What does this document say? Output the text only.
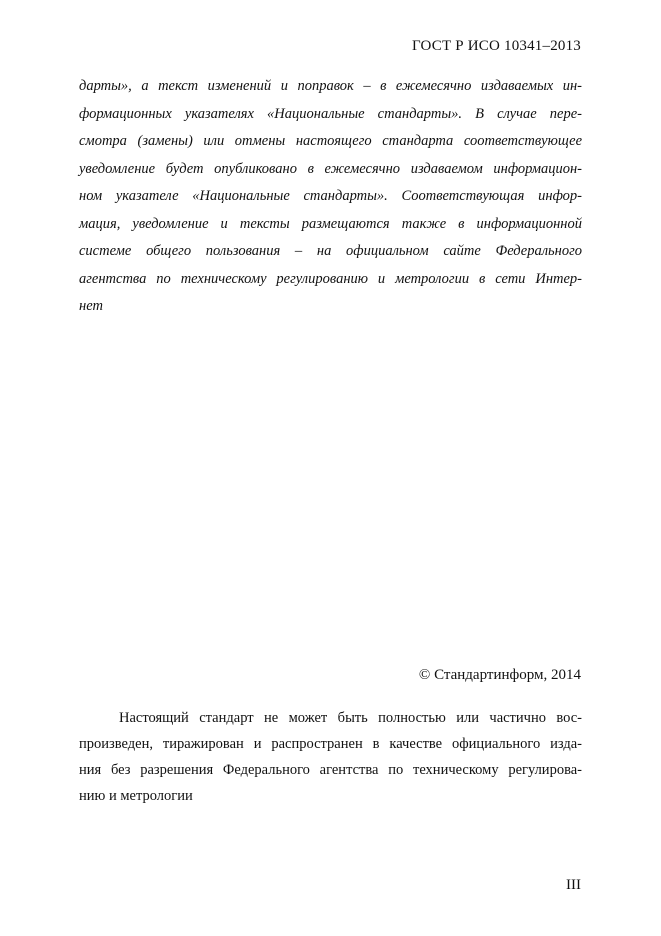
ГОСТ Р ИСО 10341–2013
дарты», а текст изменений и поправок – в ежемесячно издаваемых ин-
формационных указателях «Национальные стандарты». В случае пере-
смотра (замены) или отмены настоящего стандарта соответствующее
уведомление будет опубликовано в ежемесячно издаваемом информацион-
ном указателе «Национальные стандарты». Соответствующая инфор-
мация, уведомление и тексты размещаются также в информационной
системе общего пользования – на официальном сайте Федерального
агентства по техническому регулированию и метрологии в сети Интер-
нет
© Стандартинформ, 2014
Настоящий стандарт не может быть полностью или частично вос-
произведен, тиражирован и распространен в качестве официального изда-
ния без разрешения Федерального агентства по техническому регулирова-
нию и метрологии
III
